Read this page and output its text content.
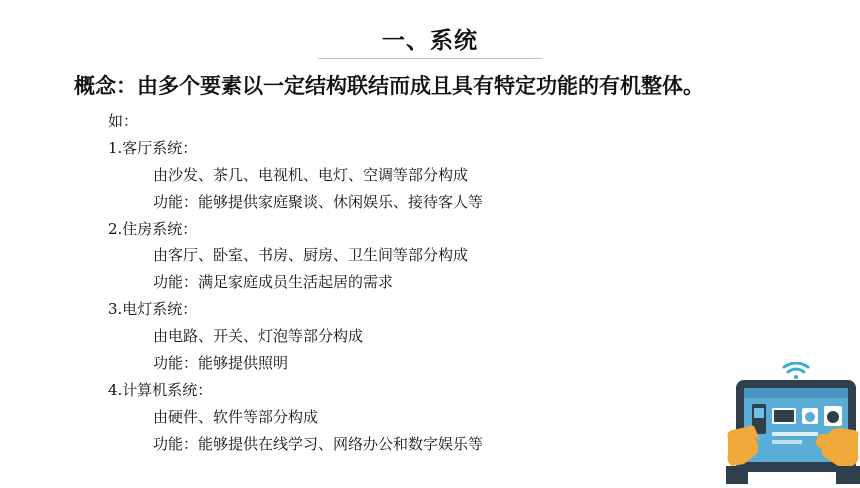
一、系统
概念：由多个要素以一定结构联结而成且具有特定功能的有机整体。
如：
1.客厅系统：
由沙发、茶几、电视机、电灯、空调等部分构成
功能：能够提供家庭聚谈、休闲娱乐、接待客人等
2.住房系统：
由客厅、卧室、书房、厨房、卫生间等部分构成
功能：满足家庭成员生活起居的需求
3.电灯系统：
由电路、开关、灯泡等部分构成
功能：能够提供照明
4.计算机系统：
由硬件、软件等部分构成
功能：能够提供在线学习、网络办公和数字娱乐等
